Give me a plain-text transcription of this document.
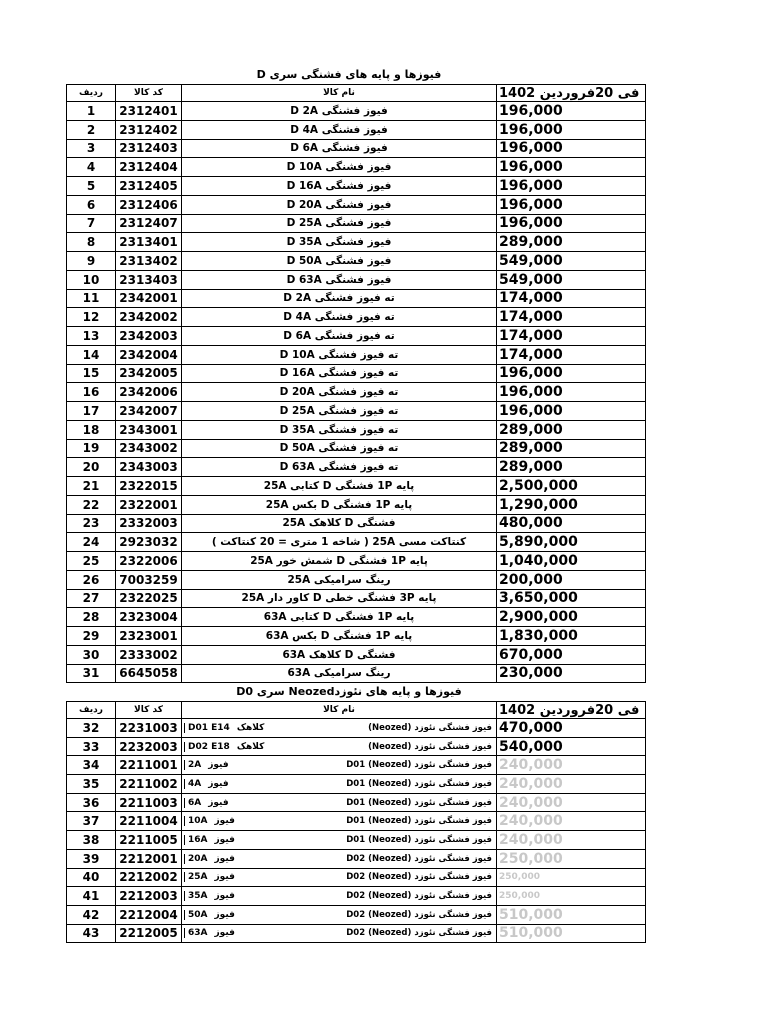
فیوزها و پایه های فشنگی سری D
ردیف	کد کالا	نام کالا	فی 20فروردین 1402
1	2312401	فیوز فشنگی D 2A	196,000
2	2312402	فیوز فشنگی D 4A	196,000
3	2312403	فیوز فشنگی D 6A	196,000
4	2312404	فیوز فشنگی D 10A	196,000
5	2312405	فیوز فشنگی D 16A	196,000
6	2312406	فیوز فشنگی D 20A	196,000
7	2312407	فیوز فشنگی D 25A	196,000
8	2313401	فیوز فشنگی D 35A	289,000
9	2313402	فیوز فشنگی D 50A	549,000
10	2313403	فیوز فشنگی D 63A	549,000
11	2342001	ته فیوز فشنگی D 2A	174,000
12	2342002	ته فیوز فشنگی D 4A	174,000
13	2342003	ته فیوز فشنگی D 6A	174,000
14	2342004	ته فیوز فشنگی D 10A	174,000
15	2342005	ته فیوز فشنگی D 16A	196,000
16	2342006	ته فیوز فشنگی D 20A	196,000
17	2342007	ته فیوز فشنگی D 25A	196,000
18	2343001	ته فیوز فشنگی D 35A	289,000
19	2343002	ته فیوز فشنگی D 50A	289,000
20	2343003	ته فیوز فشنگی D 63A	289,000
21	2322015	پایه 1P فشنگی D کتابی 25A	2,500,000
22	2322001	پایه 1P فشنگی D بکس 25A	1,290,000
23	2332003	فشنگی D کلاهک 25A	480,000
24	2923032	کنتاکت مسی 25A ( شاخه 1 متری = 20 کنتاکت )	5,890,000
25	2322006	پایه 1P فشنگی D شمش خور 25A	1,040,000
26	7003259	رینگ سرامیکی 25A	200,000
27	2322025	پایه 3P فشنگی خطی D کاور دار 25A	3,650,000
28	2323004	پایه 1P فشنگی D کتابی 63A	2,900,000
29	2323001	پایه 1P فشنگی D بکس 63A	1,830,000
30	2333002	فشنگی D کلاهک 63A	670,000
31	6645058	رینگ سرامیکی 63A	230,000
فیوزها و پایه های نئوزدNeozed سری D0
ردیف	کد کالا	نام کالا	فی 20فروردین 1402
32	2231003	D01 E14 کلاهک فیوز فشنگی نئوزد (Neozed)	470,000
33	2232003	D02 E18 کلاهک فیوز فشنگی نئوزد (Neozed)	540,000
34	2211001	2A فیوز فیوز فشنگی نئوزد (Neozed) D01	240,000
35	2211002	4A فیوز فیوز فشنگی نئوزد (Neozed) D01	240,000
36	2211003	6A فیوز فیوز فشنگی نئوزد (Neozed) D01	240,000
37	2211004	10A فیوز فیوز فشنگی نئوزد (Neozed) D01	240,000
38	2211005	16A فیوز فیوز فشنگی نئوزد (Neozed) D01	240,000
39	2212001	20A فیوز فیوز فشنگی نئوزد (Neozed) D02	250,000
40	2212002	25A فیوز فیوز فشنگی نئوزد (Neozed) D02	250,000
41	2212003	35A فیوز فیوز فشنگی نئوزد (Neozed) D02	250,000
42	2212004	50A فیوز فیوز فشنگی نئوزد (Neozed) D02	510,000
43	2212005	63A فیوز فیوز فشنگی نئوزد (Neozed) D02	510,000
